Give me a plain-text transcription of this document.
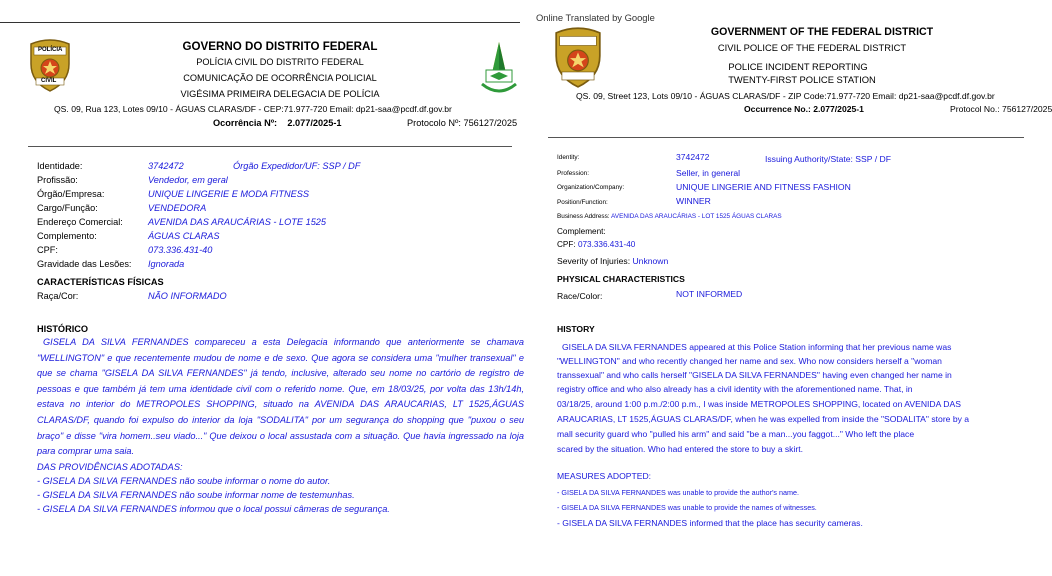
POLÍCIA
CIVIL
GOVERNO DO DISTRITO FEDERAL
POLÍCIA CIVIL DO DISTRITO FEDERAL
COMUNICAÇÃO DE OCORRÊNCIA POLICIAL
VIGÉSIMA PRIMEIRA DELEGACIA DE POLÍCIA
QS. 09, Rua 123, Lotes 09/10 - ÁGUAS CLARAS/DF - CEP:71.977-720 Email: dp21-saa@pcdf.df.gov.br
Ocorrência Nº: 2.077/2025-1	Protocolo Nº: 756127/2025
Identidade:	3742472	Órgão Expedidor/UF: SSP / DF
Profissão:	Vendedor, em geral
Órgão/Empresa:	UNIQUE LINGERIE E MODA FITNESS
Cargo/Função:	VENDEDORA
Endereço Comercial:	AVENIDA DAS ARAUCÁRIAS - LOTE 1525
Complemento:	ÁGUAS CLARAS
CPF:	073.336.431-40
Gravidade das Lesões: Ignorada
CARACTERÍSTICAS FÍSICAS
Raça/Cor:	NÃO INFORMADO
HISTÓRICO
GISELA DA SILVA FERNANDES compareceu a esta Delegacia informando que anteriormente se chamava "WELLINGTON" e que recentemente mudou de nome e de sexo. Que agora se considera uma "mulher transexual" e que se chama "GISELA DA SILVA FERNANDES" já tendo, inclusive, alterado seu nome no cartório de registro de pessoas e que também já tem uma identidade civil com o referido nome. Que, em 18/03/25, por volta das 13h/14h, estava no interior do METROPOLES SHOPPING, situado na AVENIDA DAS ARAUCARIAS, LT 1525,ÁGUAS CLARAS/DF, quando foi expulso do interior da loja "SODALITA" por um segurança do shopping que "puxou o seu braço" e disse "vira homem..seu viado..." Que deixou o local assustada com a situação. Que havia ingressado na loja para comprar uma saia.
DAS PROVIDÊNCIAS ADOTADAS:
- GISELA DA SILVA FERNANDES não soube informar o nome do autor.
- GISELA DA SILVA FERNANDES não soube informar nome de testemunhas.
- GISELA DA SILVA FERNANDES informou que o local possui câmeras de segurança.
Online Translated by Google
GOVERNMENT OF THE FEDERAL DISTRICT
CIVIL POLICE OF THE FEDERAL DISTRICT
POLICE INCIDENT REPORTING
TWENTY-FIRST POLICE STATION
QS. 09, Street 123, Lots 09/10 - ÁGUAS CLARAS/DF - ZIP Code:71.977-720 Email: dp21-saa@pcdf.df.gov.br
Occurrence No.: 2.077/2025-1	Protocol No.: 756127/2025
Identity:	3742472	Issuing Authority/State: SSP / DF
Profession:	Seller, in general
Organization/Company:	UNIQUE LINGERIE AND FITNESS FASHION
Position/Function:	WINNER
Business Address: AVENIDA DAS ARAUCÁRIAS - LOT 1525 ÁGUAS CLARAS
Complement:
CPF: 073.336.431-40
Severity of Injuries: Unknown
PHYSICAL CHARACTERISTICS
Race/Color:	NOT INFORMED
HISTORY
GISELA DA SILVA FERNANDES appeared at this Police Station informing that her previous name was
"WELLINGTON" and who recently changed her name and sex. Who now considers herself a "woman
transsexual" and who calls herself "GISELA DA SILVA FERNANDES" having even changed her name in
registry office and who also already has a civil identity with the aforementioned name. That, in
03/18/25, around 1:00 p.m./2:00 p.m., I was inside METROPOLES SHOPPING, located on AVENIDA DAS
ARAUCARIAS, LT 1525,ÁGUAS CLARAS/DF, when he was expelled from inside the "SODALITA" store by a
mall security guard who "pulled his arm" and said "be a man...you faggot..." Who left the place
scared by the situation. Who had entered the store to buy a skirt.
MEASURES ADOPTED:
- GISELA DA SILVA FERNANDES was unable to provide the author's name.
- GISELA DA SILVA FERNANDES was unable to provide the names of witnesses.
- GISELA DA SILVA FERNANDES informed that the place has security cameras.
